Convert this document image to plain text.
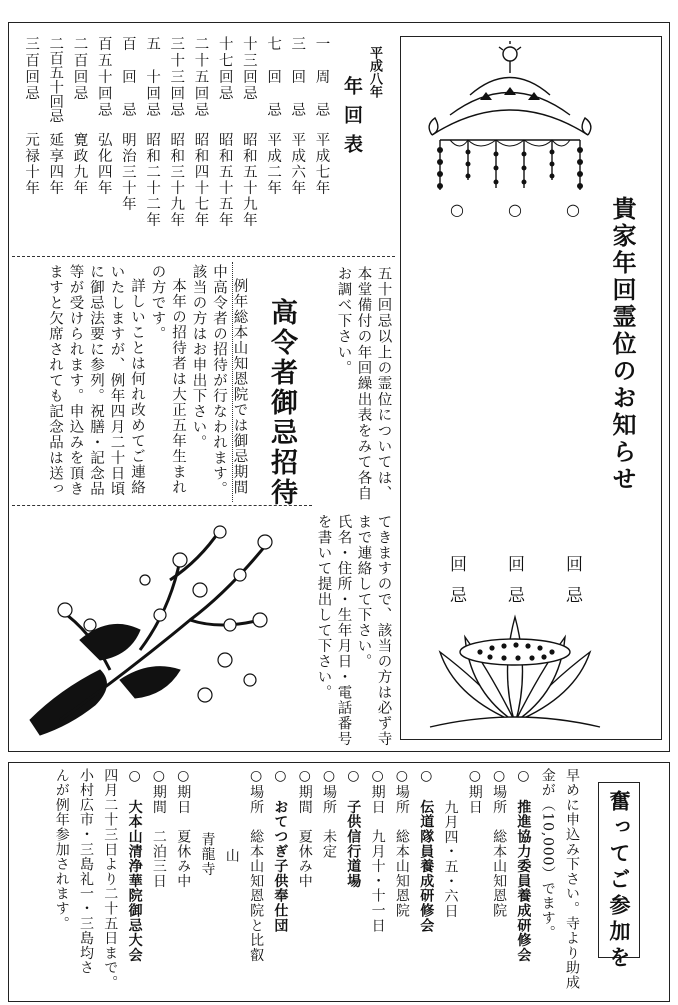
○	○	○ 貴家年回霊位のお知らせ
回忌
回忌
回忌
平成八年
年回表
一　周　忌
平成七年
三　回　忌
平成六年
七　回　忌
平成二年
十三回忌
昭和五十九年
十七回忌
昭和五十五年
二十五回忌
昭和四十七年
三十三回忌
昭和三十九年
五　十回忌
昭和二十二年
百　回　忌
明治三十年
百五十回忌
弘化四年
二百回忌
寛政九年
二百五十回忌
延享四年
三百回忌
元禄十年
五十回忌以上の霊位については、
本堂備付の年回繰出表をみて各自
お調べ下さい。
高令者御忌招待
例年総本山知恩院では御忌期間
中高令者の招待が行なわれます。
該当の方はお申出下さい。
本年の招待者は大正五年生まれ
の方です。
詳しいことは何れ改めてご連絡
いたしますが、例年四月二十日頃
に御忌法要に参列。祝膳・記念品
等が受けられます。申込みを頂き
ますと欠席されても記念品は送っ
てきますので、該当の方は必ず寺
まで連絡して下さい。
氏名・住所・生年月日・電話番号
を書いて提出して下さい。
奮ってご参加を
早めに申込み下さい。寺より助成
金が（10,000）でます。
○　推進協力委員養成研修会
○場所　総本山知恩院
○期日
九月四・五・六日
○　伝道隊員養成研修会
○場所　総本山知恩院
○期日　九月十・十一日
○　子供信行道場
○場所　未定
○期間　夏休み中
○　おてつぎ子供奉仕団
○場所　総本山知恩院と比叡
山
青龍寺
○期日　夏休み中
○期間　二泊三日
○　大本山清浄華院御忌大会
四月二十三日より二十五日まで。
小村広市・三島礼一・三島均さ
んが例年参加されます。
